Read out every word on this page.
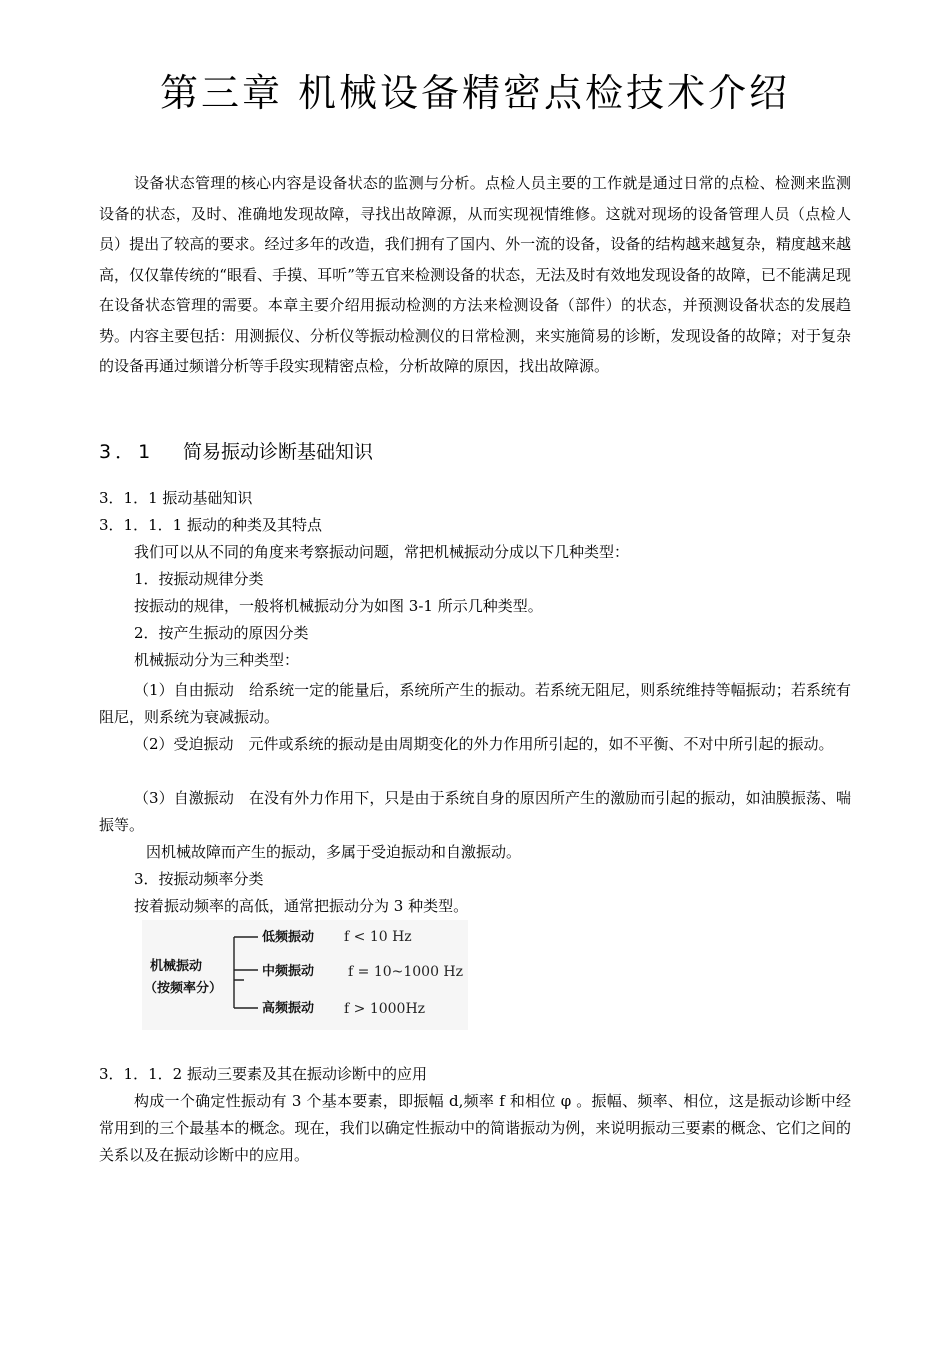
第三章 机械设备精密点检技术介绍

设备状态管理的核心内容是设备状态的监测与分析。点检人员主要的工作就是通过日常的点检、检测来监测设备的状态，及时、准确地发现故障，寻找出故障源，从而实现视情维修。这就对现场的设备管理人员（点检人员）提出了较高的要求。经过多年的改造，我们拥有了国内、外一流的设备，设备的结构越来越复杂，精度越来越高，仅仅靠传统的“眼看、手摸、耳听”等五官来检测设备的状态，无法及时有效地发现设备的故障，已不能满足现在设备状态管理的需要。本章主要介绍用振动检测的方法来检测设备（部件）的状态，并预测设备状态的发展趋势。内容主要包括：用测振仪、分析仪等振动检测仪的日常检测，来实施简易的诊断，发现设备的故障；对于复杂的设备再通过频谱分析等手段实现精密点检，分析故障的原因，找出故障源。

3．1 简易振动诊断基础知识
3．1．1 振动基础知识
3．1．1．1 振动的种类及其特点
我们可以从不同的角度来考察振动问题，常把机械振动分成以下几种类型：
1．按振动规律分类
按振动的规律，一般将机械振动分为如图 3-1 所示几种类型。
2．按产生振动的原因分类
机械振动分为三种类型：

（1）自由振动　给系统一定的能量后，系统所产生的振动。若系统无阻尼，则系统维持等幅振动；若系统有阻尼，则系统为衰减振动。

（2）受迫振动　元件或系统的振动是由周期变化的外力作用所引起的，如不平衡、不对中所引起的振动。

（3）自激振动　在没有外力作用下，只是由于系统自身的原因所产生的激励而引起的振动，如油膜振荡、喘振等。

因机械故障而产生的振动，多属于受迫振动和自激振动。
3．按振动频率分类
按着振动频率的高低，通常把振动分为 3 种类型。
机械振动
（按频率分）
低频振动 f < 10 Hz
中频振动 f = 10~1000 Hz
高频振动 f > 1000Hz
3．1．1．2 振动三要素及其在振动诊断中的应用

构成一个确定性振动有 3 个基本要素，即振幅 d,频率 f 和相位 φ 。振幅、频率、相位，这是振动诊断中经常用到的三个最基本的概念。现在，我们以确定性振动中的简谐振动为例，来说明振动三要素的概念、它们之间的关系以及在振动诊断中的应用。
